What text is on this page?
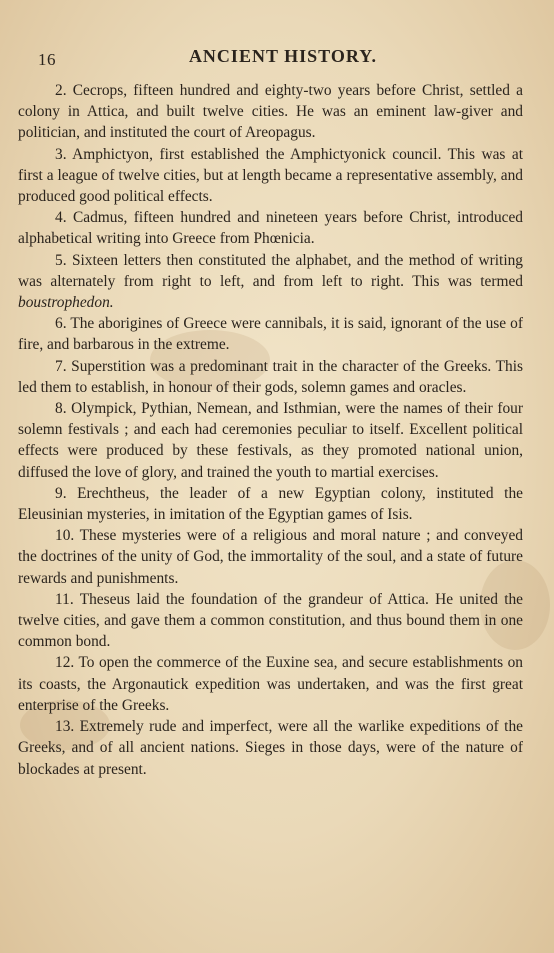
16	ANCIENT HISTORY.

2. Cecrops, fifteen hundred and eighty-two years before Christ, settled a colony in Attica, and built twelve cities. He was an eminent law-giver and politician, and instituted the court of Areopagus.

3. Amphictyon, first established the Amphictyonick council. This was at first a league of twelve cities, but at length became a representative assembly, and produced good political effects.

4. Cadmus, fifteen hundred and nineteen years before Christ, introduced alphabetical writing into Greece from Phœnicia.

5. Sixteen letters then constituted the alphabet, and the method of writing was alternately from right to left, and from left to right. This was termed boustrophedon.

6. The aborigines of Greece were cannibals, it is said, ignorant of the use of fire, and barbarous in the extreme.

7. Superstition was a predominant trait in the character of the Greeks. This led them to establish, in honour of their gods, solemn games and oracles.

8. Olympick, Pythian, Nemean, and Isthmian, were the names of their four solemn festivals ; and each had ceremonies peculiar to itself. Excellent political effects were produced by these festivals, as they promoted national union, diffused the love of glory, and trained the youth to martial exercises.

9. Erechtheus, the leader of a new Egyptian colony, instituted the Eleusinian mysteries, in imitation of the Egyptian games of Isis.

10. These mysteries were of a religious and moral nature ; and conveyed the doctrines of the unity of God, the immortality of the soul, and a state of future rewards and punishments.

11. Theseus laid the foundation of the grandeur of Attica. He united the twelve cities, and gave them a common constitution, and thus bound them in one common bond.

12. To open the commerce of the Euxine sea, and secure establishments on its coasts, the Argonautick expedition was undertaken, and was the first great enterprise of the Greeks.

13. Extremely rude and imperfect, were all the warlike expeditions of the Greeks, and of all ancient nations. Sieges in those days, were of the nature of blockades at present.
